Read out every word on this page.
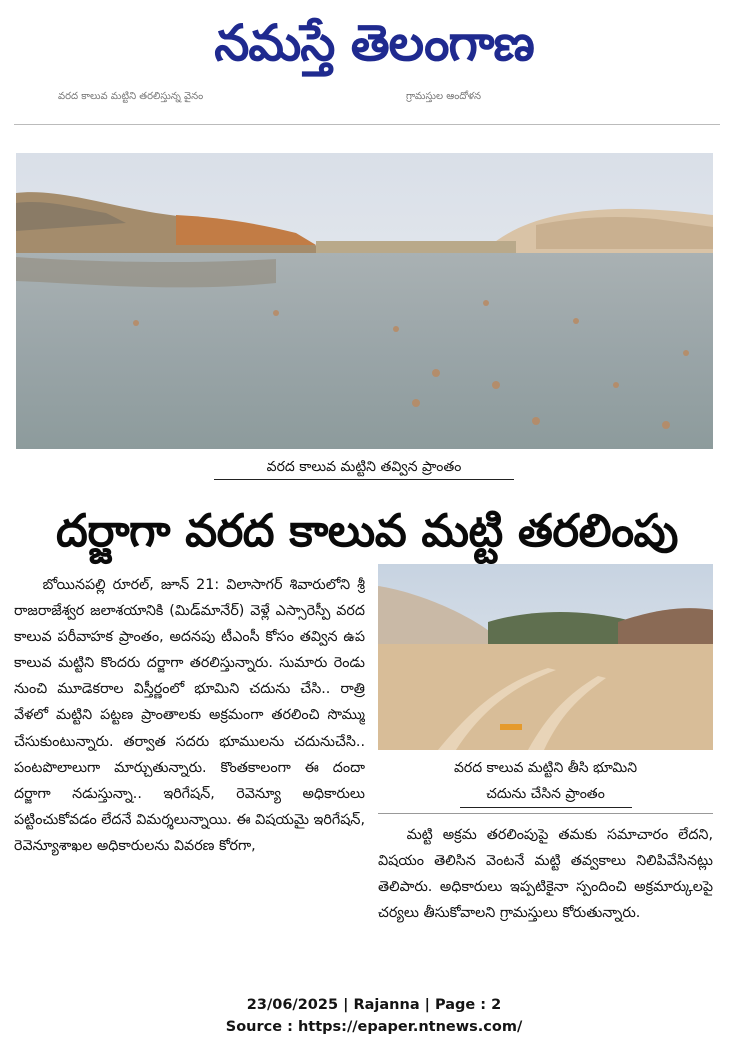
నమస్తే తెలంగాణ
వరద కాలువ మట్టిని తరలిస్తున్న వైనం	గ్రామస్తుల ఆందోళన
వరద కాలువ మట్టిని తవ్విన ప్రాంతం
దర్జాగా వరద కాలువ మట్టి తరలింపు
వరద కాలువ మట్టిని తీసి భూమిని
చదును చేసిన ప్రాంతం

బోయినపల్లి రూరల్, జూన్ 21: విలాసాగర్ శివారులోని శ్రీ రాజరాజేశ్వర జలాశయానికి (మిడ్‌మానేర్) వెళ్లే ఎస్సారెస్పీ వరద కాలువ పరీవాహక ప్రాంతం, అదనపు టీఎంసీ కోసం తవ్విన ఉప కాలువ మట్టిని కొందరు దర్జాగా తరలిస్తున్నారు. సుమారు రెండు నుంచి మూడెకరాల విస్తీర్ణంలో భూమిని చదును చేసి.. రాత్రి వేళలో మట్టిని పట్టణ ప్రాంతాలకు అక్రమంగా తరలించి సొమ్ము చేసుకుంటున్నారు. తర్వాత సదరు భూములను చదునుచేసి.. పంటపొలాలుగా మార్చుతున్నారు. కొంతకాలంగా ఈ దందా దర్జాగా నడుస్తున్నా.. ఇరిగేషన్, రెవెన్యూ అధికారులు పట్టించుకోవడం లేదనే విమర్శలున్నాయి. ఈ విషయమై ఇరిగేషన్, రెవెన్యూశాఖల అధికారులను వివరణ కోరగా,

మట్టి అక్రమ తరలింపుపై తమకు సమాచారం లేదని, విషయం తెలిసిన వెంటనే మట్టి తవ్వకాలు నిలిపివేసినట్లు తెలిపారు. అధికారులు ఇప్పటికైనా స్పందించి అక్రమార్కులపై చర్యలు తీసుకోవాలని గ్రామస్తులు కోరుతున్నారు.

23/06/2025 | Rajanna | Page : 2
Source : https://epaper.ntnews.com/
